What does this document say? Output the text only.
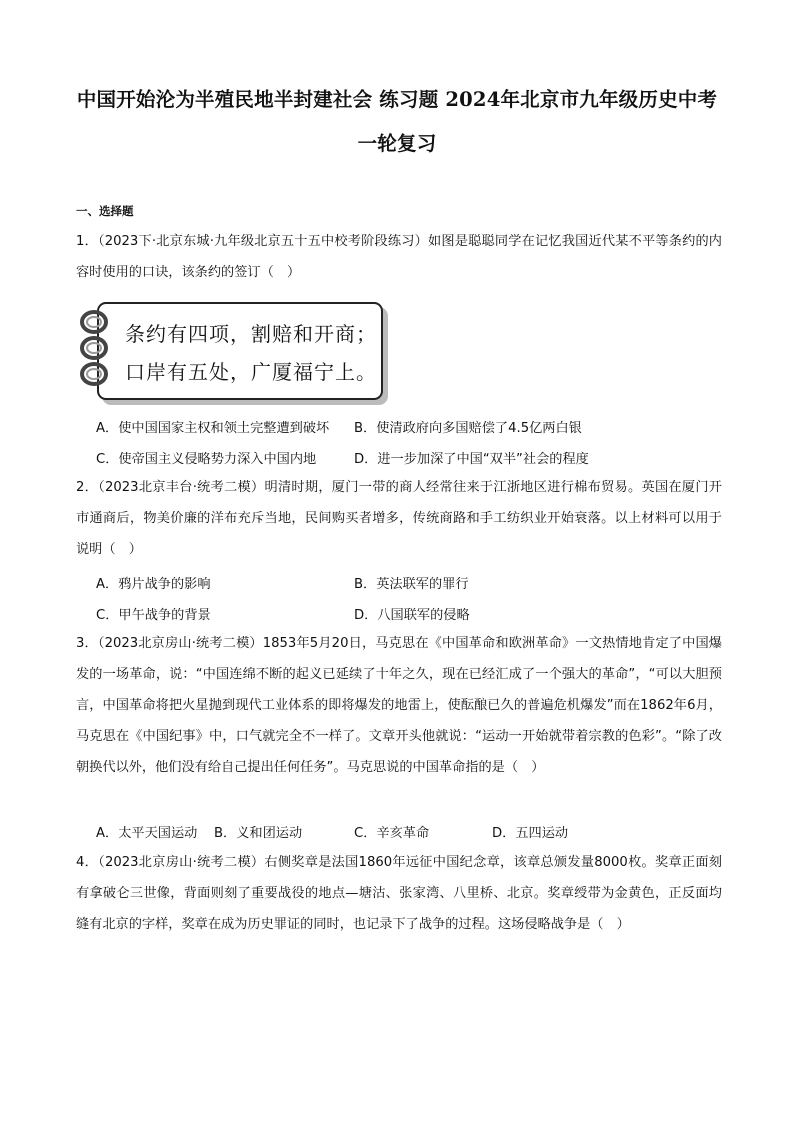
中国开始沦为半殖民地半封建社会 练习题 2024年北京市九年级历史中考
一轮复习
一、选择题
1．（2023下·北京东城·九年级北京五十五中校考阶段练习）如图是聪聪同学在记忆我国近代某不平等条约的内容时使用的口诀，该条约的签订（　）
条约有四项，割赔和开商；
口岸有五处，广厦福宁上。
A．使中国国家主权和领土完整遭到破坏 B．使清政府向多国赔偿了4.5亿两白银
C．使帝国主义侵略势力深入中国内地	D．进一步加深了中国“双半”社会的程度
2．（2023北京丰台·统考二模）明清时期，厦门一带的商人经常往来于江浙地区进行棉布贸易。英国在厦门开市通商后，物美价廉的洋布充斥当地，民间购买者增多，传统商路和手工纺织业开始衰落。以上材料可以用于说明（　）
A．鸦片战争的影响	B．英法联军的罪行
C．甲午战争的背景	D．八国联军的侵略
3．（2023北京房山·统考二模）1853年5月20日，马克思在《中国革命和欧洲革命》一文热情地肯定了中国爆发的一场革命，说：“中国连绵不断的起义已延续了十年之久，现在已经汇成了一个强大的革命”，“可以大胆预言，中国革命将把火星抛到现代工业体系的即将爆发的地雷上，使酝酿已久的普遍危机爆发”而在1862年6月，马克思在《中国纪事》中，口气就完全不一样了。文章开头他就说：“运动一开始就带着宗教的色彩”。“除了改朝换代以外，他们没有给自己提出任何任务”。马克思说的中国革命指的是（　）
A．太平天国运动 B．义和团运动	C．辛亥革命	D．五四运动
4．（2023北京房山·统考二模）右侧奖章是法国1860年远征中国纪念章，该章总颁发量8000枚。奖章正面刻有拿破仑三世像，背面则刻了重要战役的地点—塘沽、张家湾、八里桥、北京。奖章绶带为金黄色，正反面均缝有北京的字样，奖章在成为历史罪证的同时，也记录下了战争的过程。这场侵略战争是（　）
